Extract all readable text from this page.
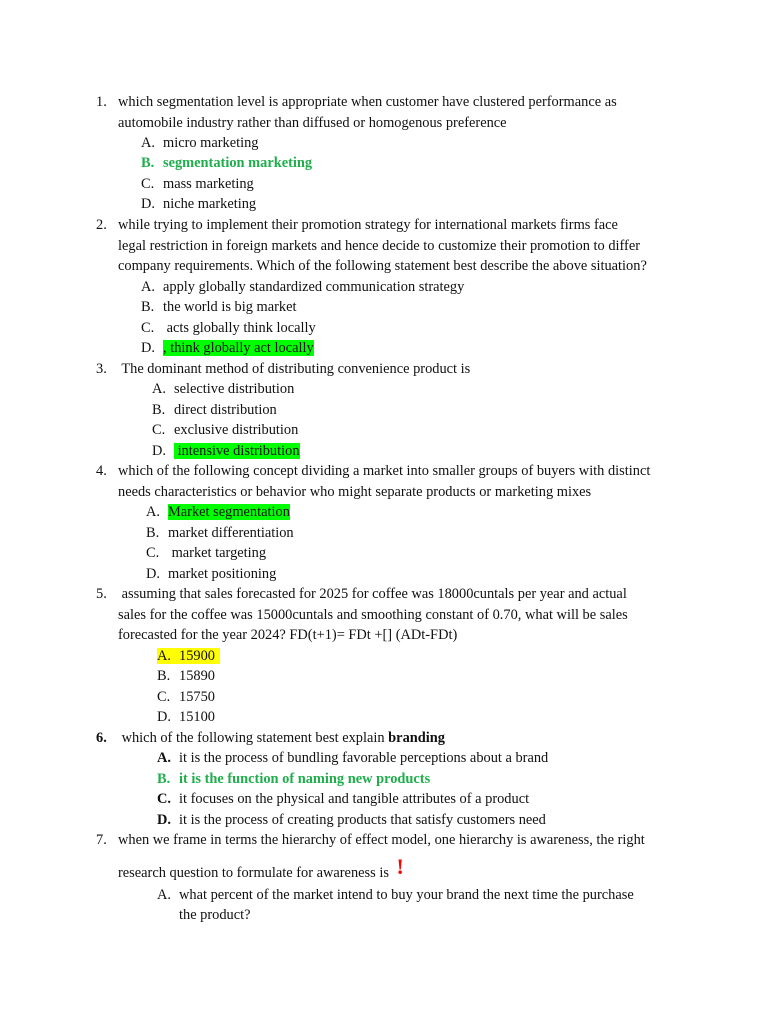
1. which segmentation level is appropriate when customer have clustered performance as
automobile industry rather than diffused or homogenous preference
A. micro marketing
B. segmentation marketing
C. mass marketing
D. niche marketing
2. while trying to implement their promotion strategy for international markets firms face
legal restriction in foreign markets and hence decide to customize their promotion to differ
company requirements. Which of the following statement best describe the above situation?
A. apply globally standardized communication strategy
B. the world is big market
C. acts globally think locally
D. , think globally act locally
3. The dominant method of distributing convenience product is
A. selective distribution
B. direct distribution
C. exclusive distribution
D. intensive distribution
4. which of the following concept dividing a market into smaller groups of buyers with distinct
needs characteristics or behavior who might separate products or marketing mixes
A. Market segmentation
B. market differentiation
C. market targeting
D. market positioning
5. assuming that sales forecasted for 2025 for coffee was 18000cuntals per year and actual
sales for the coffee was 15000cuntals and smoothing constant of 0.70, what will be sales
forecasted for the year 2024? FD(t+1)= FDt +[] (ADt-FDt)
A. 15900
B. 15890
C. 15750
D. 15100
6. which of the following statement best explain branding
A. it is the process of bundling favorable perceptions about a brand
B. it is the function of naming new products
C. it focuses on the physical and tangible attributes of a product
D. it is the process of creating products that satisfy customers need
7. when we frame in terms the hierarchy of effect model, one hierarchy is awareness, the right
research question to formulate for awareness is !
A. what percent of the market intend to buy your brand the next time the purchase
the product?
